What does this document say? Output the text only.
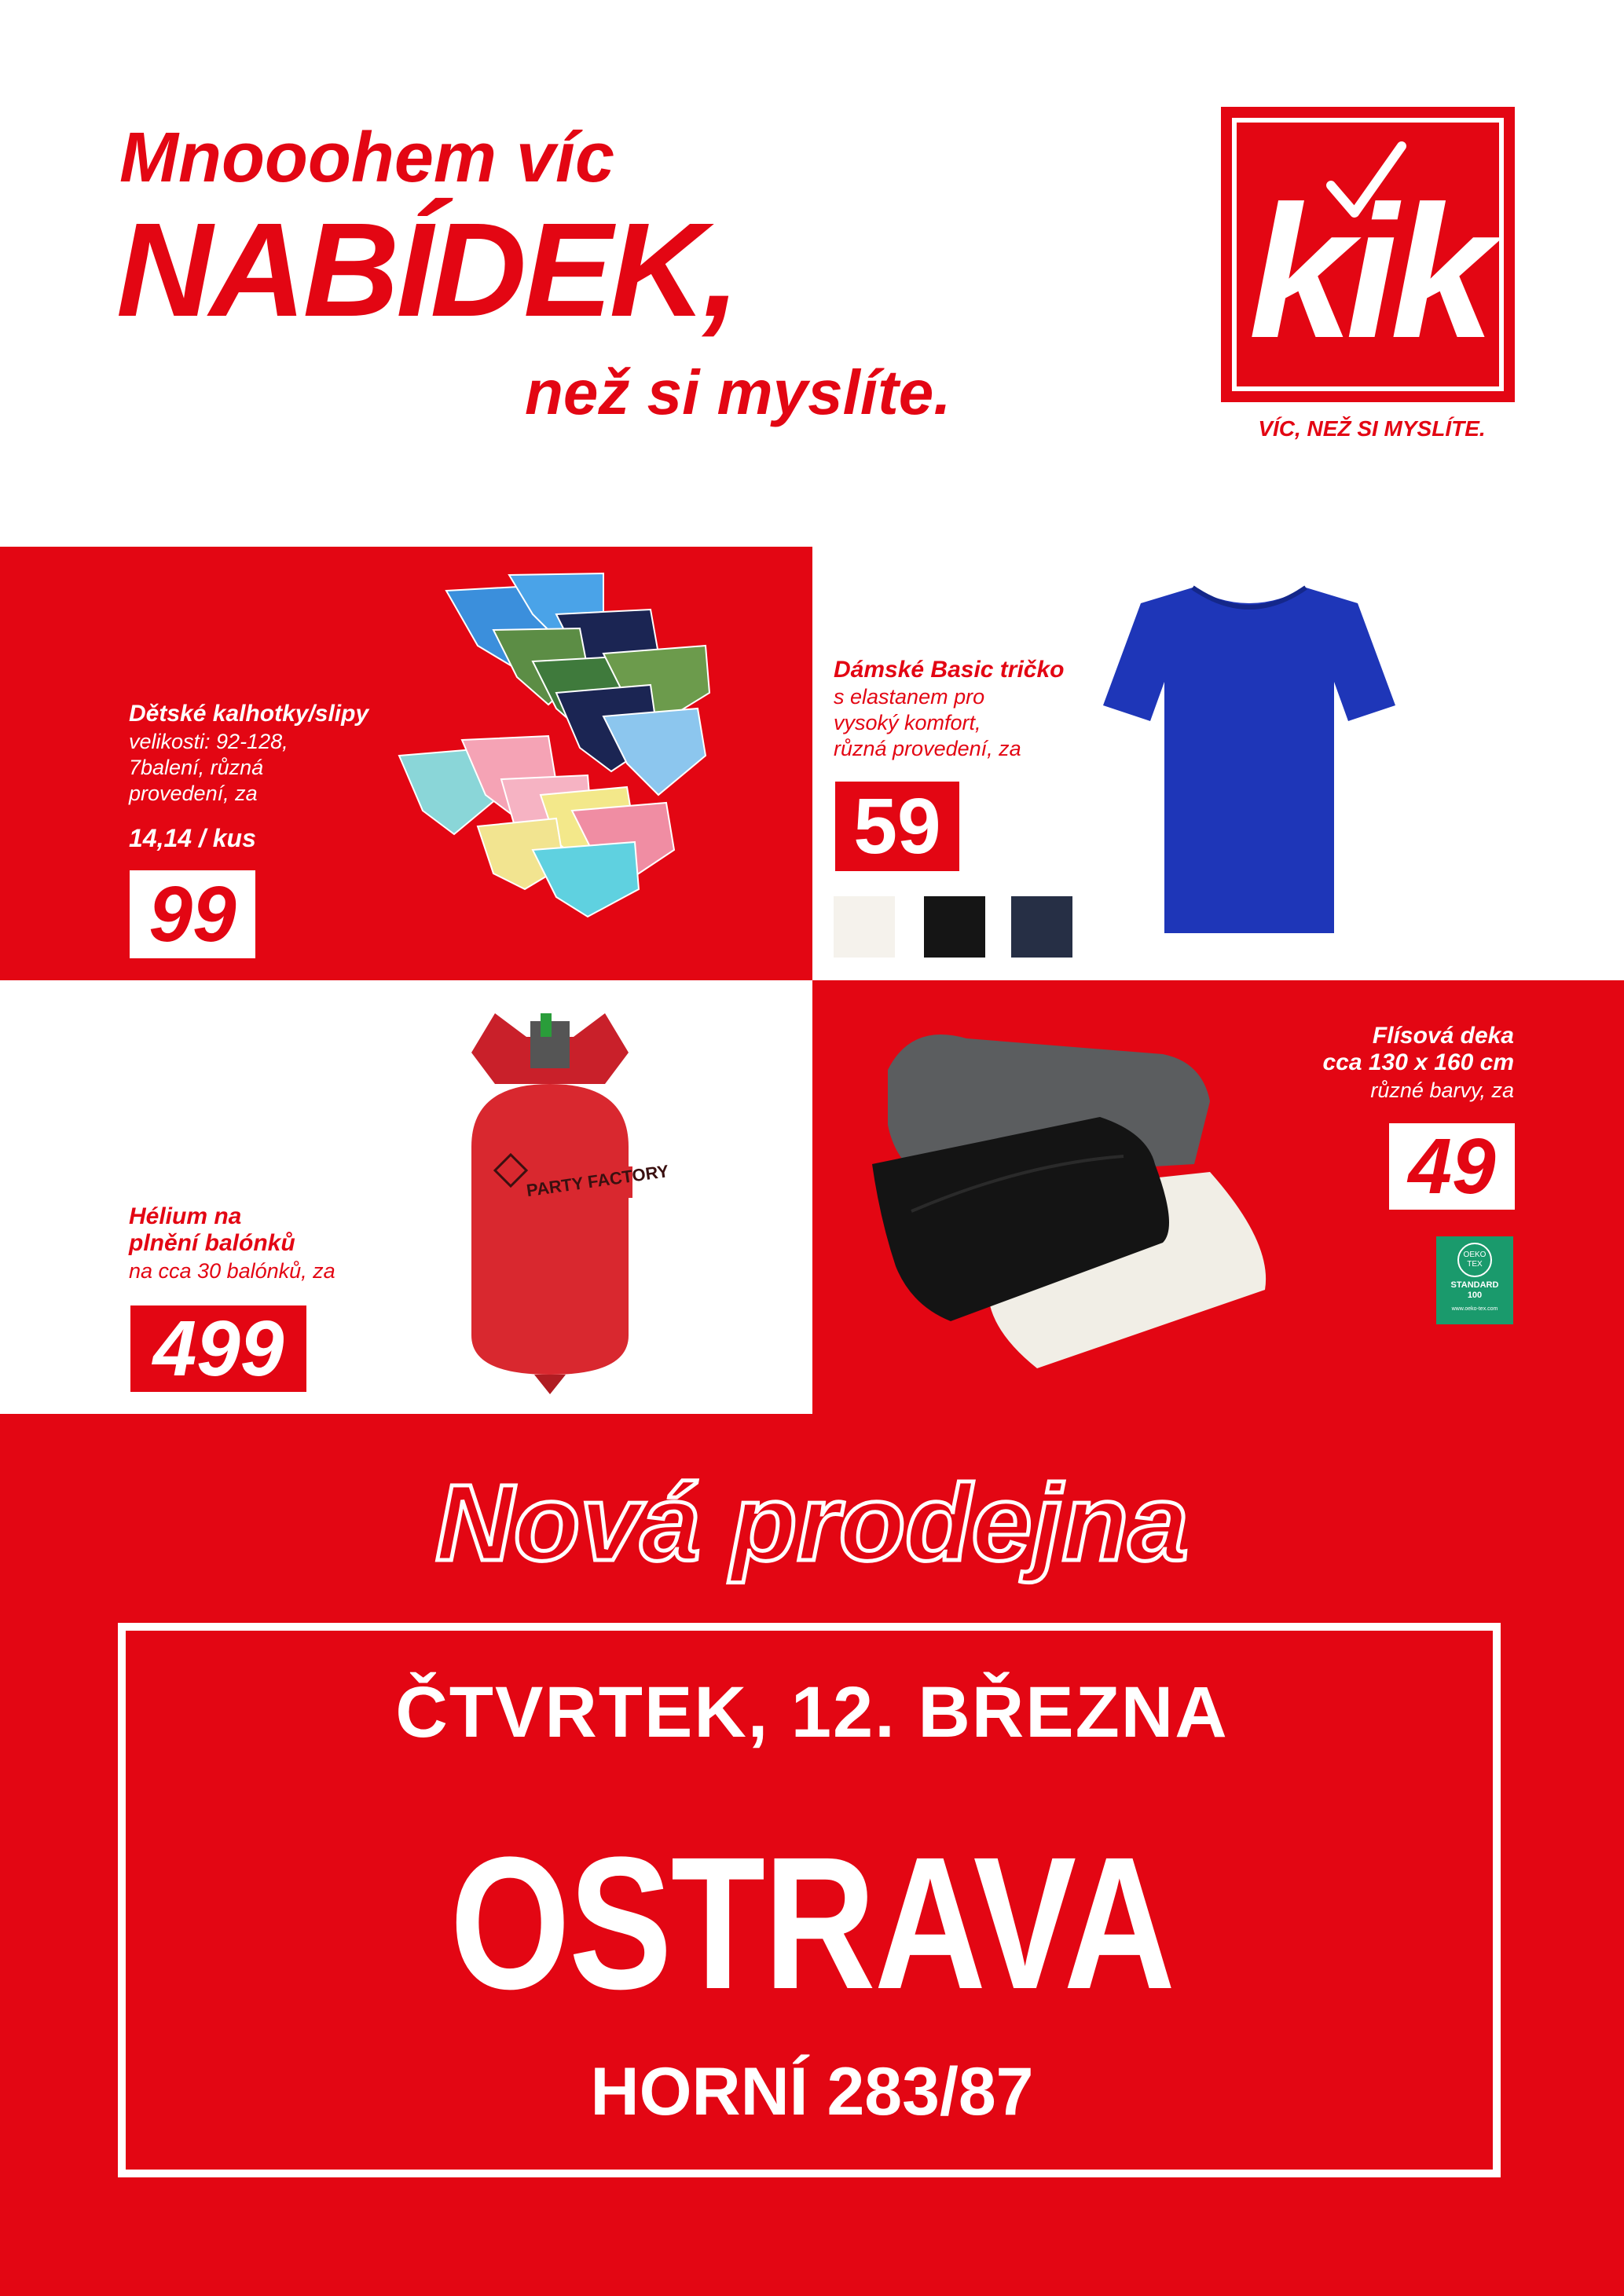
Mnooohem víc
NABÍDEK,
než si myslíte.
kik
VÍC, NEŽ SI MYSLÍTE.
Dětské kalhotky/slipy
velikosti: 92-128,
7balení, různá
provedení, za
14,14 / kus
99
Dámské Basic tričko
s elastanem pro
vysoký komfort,
různá provedení, za
59
Hélium na
plnění balónků
na cca 30 balónků, za
499
PARTY FACTORY
Flísová deka
cca 130 x 160 cm
různé barvy, za
49
OEKO
TEX
STANDARD
100
www.oeko-tex.com
Nová prodejna
ČTVRTEK, 12. BŘEZNA
OSTRAVA
HORNÍ 283/87
